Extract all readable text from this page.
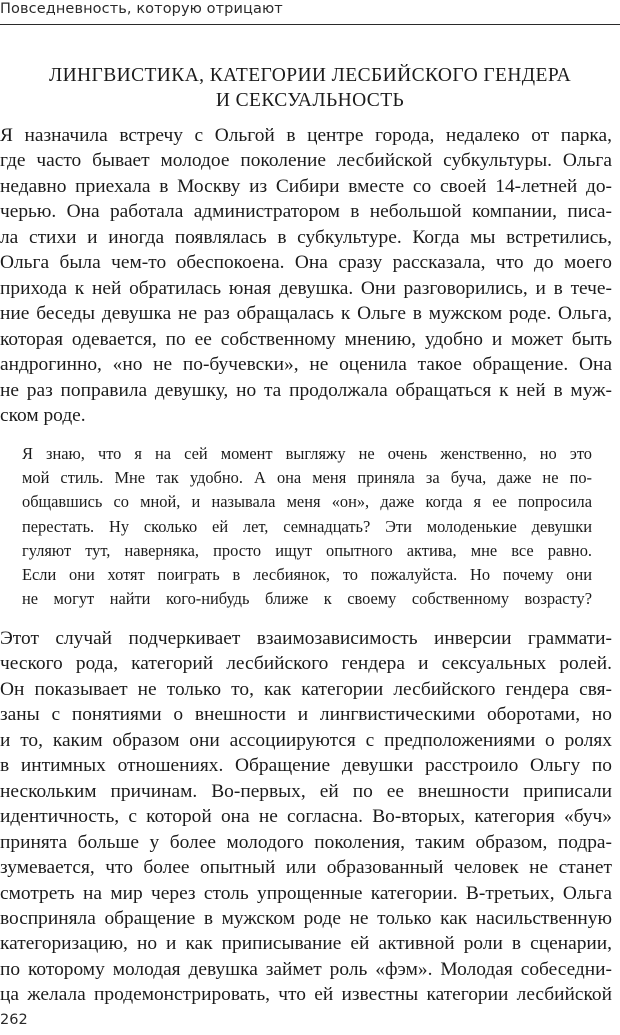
Повседневность, которую отрицают
ЛИНГВИСТИКА, КАТЕГОРИИ ЛЕСБИЙСКОГО ГЕНДЕРА
И СЕКСУАЛЬНОСТЬ
Я назначила встречу с Ольгой в центре города, недалеко от парка,
где часто бывает молодое поколение лесбийской субкультуры. Ольга
недавно приехала в Москву из Сибири вместе со своей 14-летней до-
черью. Она работала администратором в небольшой компании, писа-
ла стихи и иногда появлялась в субкультуре. Когда мы встретились,
Ольга была чем-то обеспокоена. Она сразу рассказала, что до моего
прихода к ней обратилась юная девушка. Они разговорились, и в тече-
ние беседы девушка не раз обращалась к Ольге в мужском роде. Ольга,
которая одевается, по ее собственному мнению, удобно и может быть
андрогинно, «но не по-бучевски», не оценила такое обращение. Она
не раз поправила девушку, но та продолжала обращаться к ней в муж-
ском роде.
Я знаю, что я на сей момент выгляжу не очень женственно, но это
мой стиль. Мне так удобно. А она меня приняла за буча, даже не по-
общавшись со мной, и называла меня «он», даже когда я ее попросила
перестать. Ну сколько ей лет, семнадцать? Эти молоденькие девушки
гуляют тут, наверняка, просто ищут опытного актива, мне все равно.
Если они хотят поиграть в лесбиянок, то пожалуйста. Но почему они
не могут найти кого-нибудь ближе к своему собственному возрасту?
Этот случай подчеркивает взаимозависимость инверсии граммати-
ческого рода, категорий лесбийского гендера и сексуальных ролей.
Он показывает не только то, как категории лесбийского гендера свя-
заны с понятиями о внешности и лингвистическими оборотами, но
и то, каким образом они ассоциируются с предположениями о ролях
в интимных отношениях. Обращение девушки расстроило Ольгу по
нескольким причинам. Во-первых, ей по ее внешности приписали
идентичность, с которой она не согласна. Во-вторых, категория «буч»
принята больше у более молодого поколения, таким образом, подра-
зумевается, что более опытный или образованный человек не станет
смотреть на мир через столь упрощенные категории. В-третьих, Ольга
восприняла обращение в мужском роде не только как насильственную
категоризацию, но и как приписывание ей активной роли в сценарии,
по которому молодая девушка займет роль «фэм». Молодая собеседни-
ца желала продемонстрировать, что ей известны категории лесбийской
262
